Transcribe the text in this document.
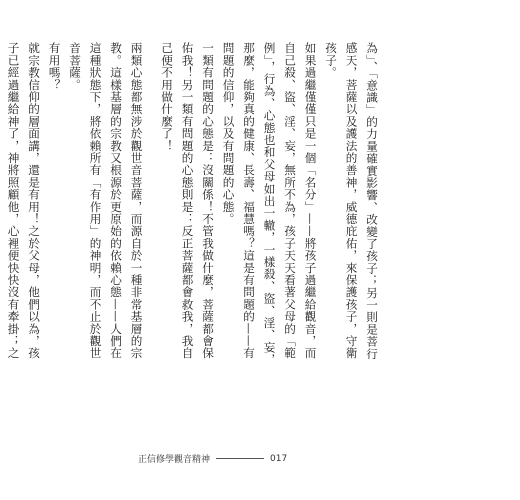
為」、「意識」的力量確實影響、改變了孩子；另一則是菩行感天，菩薩以及護法的善神，威德庇佑，來保護孩子，守衛孩子。

如果過繼僅僅只是一個「名分」——將孩子過繼給觀音，而自己殺、盜、淫、妄，無所不為，孩子天天看著父母的「範例」，行為、心態也和父母如出一轍，一樣殺、盜、淫、妄，那麼，能夠真的健康、長壽、福慧嗎？這是有問題的——有問題的信仰，以及有問題的心態。

一類有問題的心態是：沒關係！不管我做什麼，菩薩都會保佑我！另一類有問題的心態則是：反正菩薩都會救我，我自己便不用做什麼了！

兩類心態都無涉於觀世音菩薩，而源自於一種非常基層的宗教。這樣基層的宗教又根源於更原始的依賴心態——人們在這種狀態下，將依賴所有「有作用」的神明，而不止於觀世音菩薩。

有用嗎？

就宗教信仰的層面講，還是有用！之於父母，他們以為，孩子已經過繼給神了，神將照顧他，心裡便快快沒有牽掛；之

正信修學觀音精神	017
